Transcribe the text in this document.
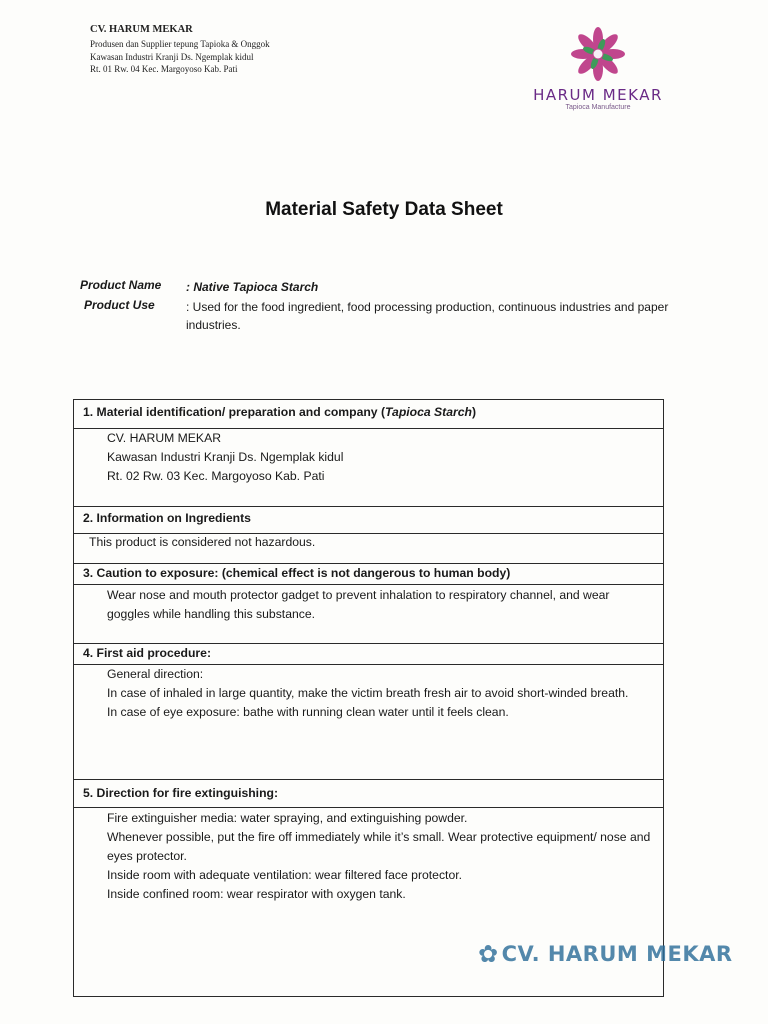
CV. HARUM MEKAR
Produsen dan Supplier tepung Tapioka & Onggok
Kawasan Industri Kranji Ds. Ngemplak kidul
Rt. 01 Rw. 04 Kec. Margoyoso Kab. Pati
HARUM MEKAR
Tapioca Manufacture
Material Safety Data Sheet
Product Name	: Native Tapioca Starch
Product Use	: Used for the food ingredient, food processing production, continuous industries and paper industries.
1. Material identification/ preparation and company (Tapioca Starch)

CV. HARUM MEKAR

Kawasan Industri Kranji Ds. Ngemplak kidul

Rt. 02 Rw. 03 Kec. Margoyoso Kab. Pati

2. Information on Ingredients

This product is considered not hazardous.

3. Caution to exposure: (chemical effect is not dangerous to human body)

Wear nose and mouth protector gadget to prevent inhalation to respiratory channel, and wear goggles while handling this substance.

4. First aid procedure:

General direction:

In case of inhaled in large quantity, make the victim breath fresh air to avoid short-winded breath.

In case of eye exposure: bathe with running clean water until it feels clean.

5. Direction for fire extinguishing:

Fire extinguisher media: water spraying, and extinguishing powder.

Whenever possible, put the fire off immediately while it’s small. Wear protective equipment/ nose and eyes protector.

Inside room with adequate ventilation: wear filtered face protector.

Inside confined room: wear respirator with oxygen tank.

✿ CV. HARUM MEKAR
